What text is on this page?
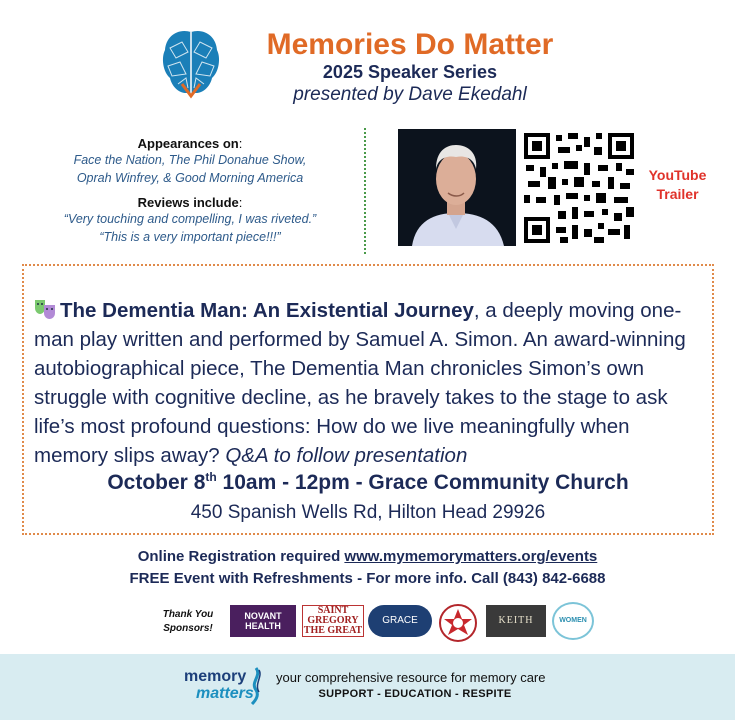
Memories Do Matter
2025 Speaker Series
presented by Dave Ekedahl
Appearances on:
Face the Nation, The Phil Donahue Show,
Oprah Winfrey, & Good Morning America
Reviews include:
“Very touching and compelling, I was riveted.”
“This is a very important piece!!!”
YouTube
Trailer
The Dementia Man: An Existential Journey, a deeply moving one-man play written and performed by Samuel A. Simon. An award-winning autobiographical piece, The Dementia Man chronicles Simon’s own struggle with cognitive decline, as he bravely takes to the stage to ask life’s most profound questions: How do we live meaningfully when memory slips away? Q&A to follow presentation
October 8th 10am - 12pm - Grace Community Church
450 Spanish Wells Rd, Hilton Head 29926
Online Registration required www.mymemorymatters.org/events
FREE Event with Refreshments - For more info. Call (843) 842-6688
Thank You
Sponsors!
NOVANT HEALTH
SAINT GREGORY THE GREAT
GRACE	KEITH	WOMEN
memory
matters
your comprehensive resource for memory care
SUPPORT - EDUCATION - RESPITE
